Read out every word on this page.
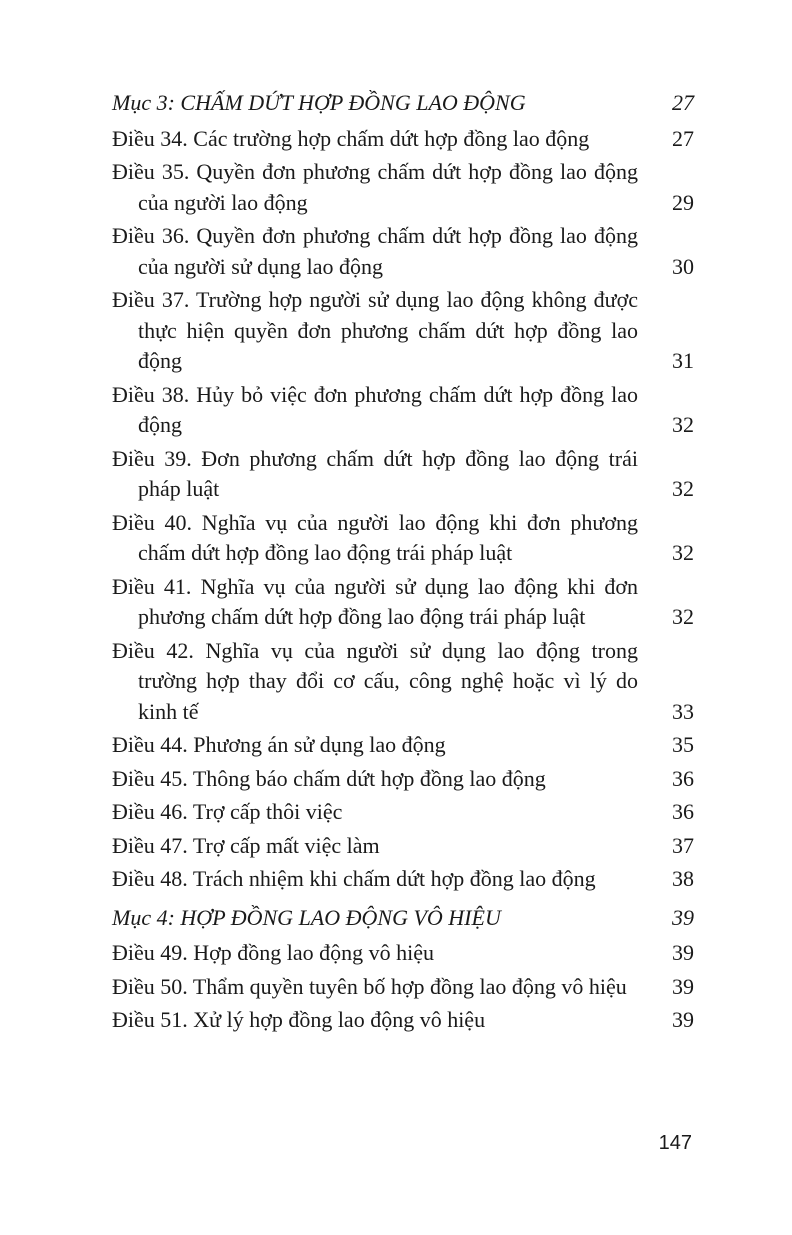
Mục 3: CHẤM DỨT HỢP ĐỒNG LAO ĐỘNG	27
Điều 34. Các trường hợp chấm dứt hợp đồng lao động	27
Điều 35. Quyền đơn phương chấm dứt hợp đồng lao động của người lao động	29
Điều 36. Quyền đơn phương chấm dứt hợp đồng lao động của người sử dụng lao động	30
Điều 37. Trường hợp người sử dụng lao động không được thực hiện quyền đơn phương chấm dứt hợp đồng lao động	31
Điều 38. Hủy bỏ việc đơn phương chấm dứt hợp đồng lao động	32
Điều 39. Đơn phương chấm dứt hợp đồng lao động trái pháp luật	32
Điều 40. Nghĩa vụ của người lao động khi đơn phương chấm dứt hợp đồng lao động trái pháp luật	32
Điều 41. Nghĩa vụ của người sử dụng lao động khi đơn phương chấm dứt hợp đồng lao động trái pháp luật	32
Điều 42. Nghĩa vụ của người sử dụng lao động trong trường hợp thay đổi cơ cấu, công nghệ hoặc vì lý do kinh tế	33
Điều 44. Phương án sử dụng lao động	35
Điều 45. Thông báo chấm dứt hợp đồng lao động	36
Điều 46. Trợ cấp thôi việc	36
Điều 47. Trợ cấp mất việc làm	37
Điều 48. Trách nhiệm khi chấm dứt hợp đồng lao động	38
Mục 4: HỢP ĐỒNG LAO ĐỘNG VÔ HIỆU	39
Điều 49. Hợp đồng lao động vô hiệu	39
Điều 50. Thẩm quyền tuyên bố hợp đồng lao động vô hiệu	39
Điều 51. Xử lý hợp đồng lao động vô hiệu	39
147
